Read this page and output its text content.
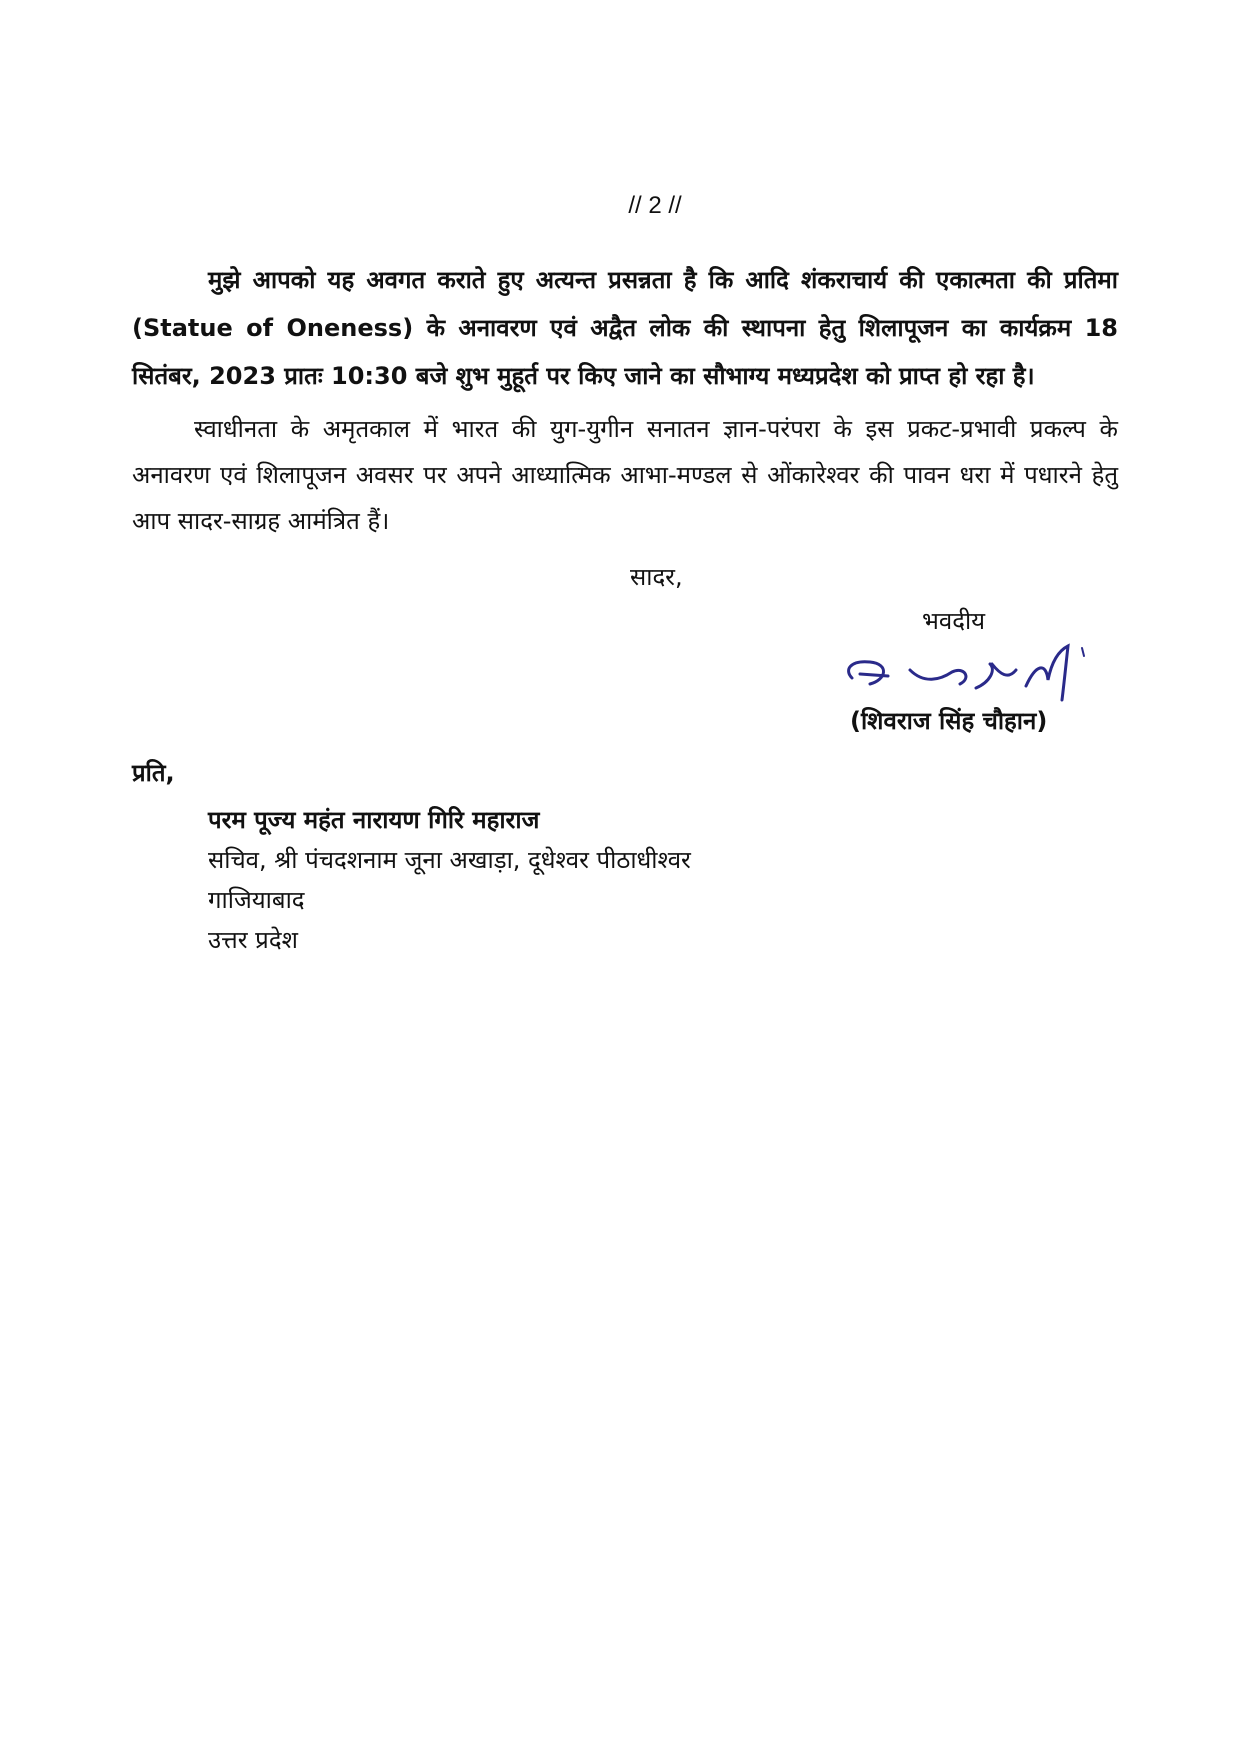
// 2 //

मुझे आपको यह अवगत कराते हुए अत्यन्त प्रसन्नता है कि आदि शंकराचार्य की एकात्मता की प्रतिमा (Statue of Oneness) के अनावरण एवं अद्वैत लोक की स्थापना हेतु शिलापूजन का कार्यक्रम 18 सितंबर, 2023 प्रातः 10:30 बजे शुभ मुहूर्त पर किए जाने का सौभाग्य मध्यप्रदेश को प्राप्त हो रहा है।

स्वाधीनता के अमृतकाल में भारत की युग-युगीन सनातन ज्ञान-परंपरा के इस प्रकट-प्रभावी प्रकल्प के अनावरण एवं शिलापूजन अवसर पर अपने आध्यात्मिक आभा-मण्डल से ओंकारेश्वर की पावन धरा में पधारने हेतु आप सादर-साग्रह आमंत्रित हैं।

सादर,
भवदीय
(शिवराज सिंह चौहान)
प्रति,
परम पूज्य महंत नारायण गिरि महाराज
सचिव, श्री पंचदशनाम जूना अखाड़ा, दूधेश्वर पीठाधीश्वर
गाजियाबाद
उत्तर प्रदेश
